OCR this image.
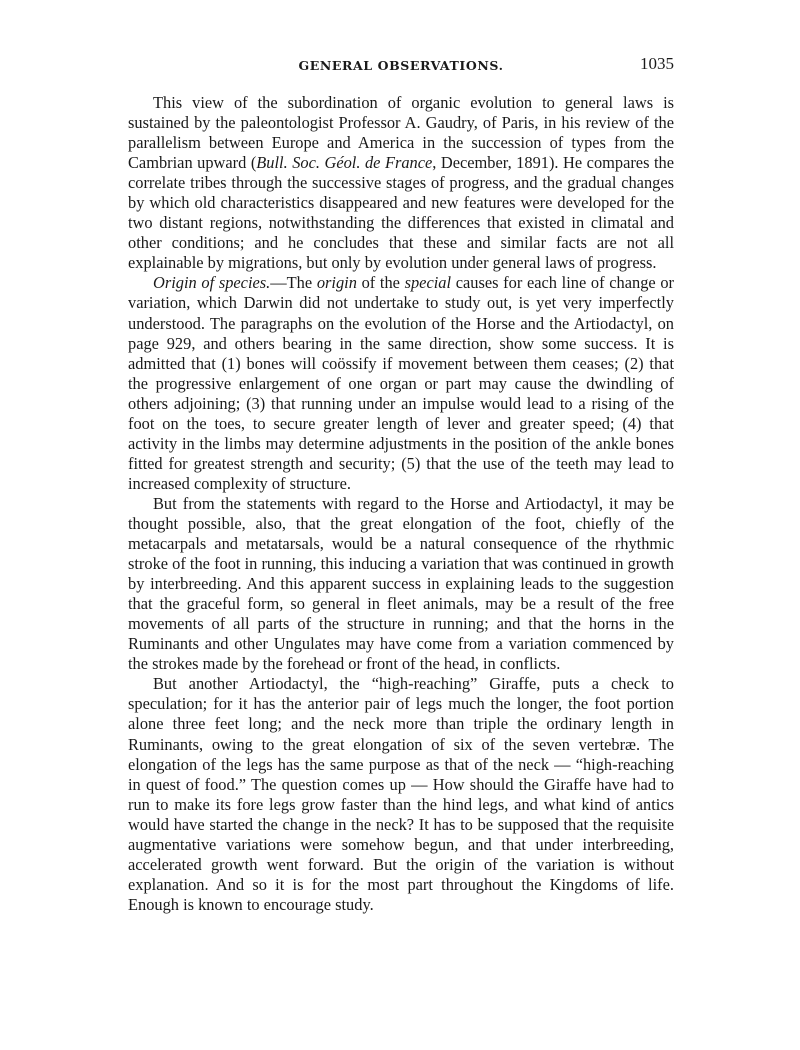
GENERAL OBSERVATIONS.	1035

This view of the subordination of organic evolution to general laws is sustained by the paleontologist Professor A. Gaudry, of Paris, in his review of the parallelism between Europe and America in the succession of types from the Cambrian upward (Bull. Soc. Géol. de France, December, 1891). He compares the correlate tribes through the successive stages of progress, and the gradual changes by which old characteristics disappeared and new features were developed for the two distant regions, notwithstanding the differences that existed in climatal and other conditions; and he concludes that these and similar facts are not all explainable by migrations, but only by evolution under general laws of progress.

Origin of species.—The origin of the special causes for each line of change or variation, which Darwin did not undertake to study out, is yet very imperfectly understood. The paragraphs on the evolution of the Horse and the Artiodactyl, on page 929, and others bearing in the same direction, show some success. It is admitted that (1) bones will coössify if movement between them ceases; (2) that the progressive enlargement of one organ or part may cause the dwindling of others adjoining; (3) that running under an impulse would lead to a rising of the foot on the toes, to secure greater length of lever and greater speed; (4) that activity in the limbs may determine adjustments in the position of the ankle bones fitted for greatest strength and security; (5) that the use of the teeth may lead to increased complexity of structure.

But from the statements with regard to the Horse and Artiodactyl, it may be thought possible, also, that the great elongation of the foot, chiefly of the metacarpals and metatarsals, would be a natural consequence of the rhythmic stroke of the foot in running, this inducing a variation that was continued in growth by interbreeding. And this apparent success in explaining leads to the suggestion that the graceful form, so general in fleet animals, may be a result of the free movements of all parts of the structure in running; and that the horns in the Ruminants and other Ungulates may have come from a variation commenced by the strokes made by the forehead or front of the head, in conflicts.

But another Artiodactyl, the “high-reaching” Giraffe, puts a check to speculation; for it has the anterior pair of legs much the longer, the foot portion alone three feet long; and the neck more than triple the ordinary length in Ruminants, owing to the great elongation of six of the seven vertebræ. The elongation of the legs has the same purpose as that of the neck — “high-reaching in quest of food.” The question comes up — How should the Giraffe have had to run to make its fore legs grow faster than the hind legs, and what kind of antics would have started the change in the neck? It has to be supposed that the requisite augmentative variations were somehow begun, and that under interbreeding, accelerated growth went forward. But the origin of the variation is without explanation. And so it is for the most part throughout the Kingdoms of life. Enough is known to encourage study.
